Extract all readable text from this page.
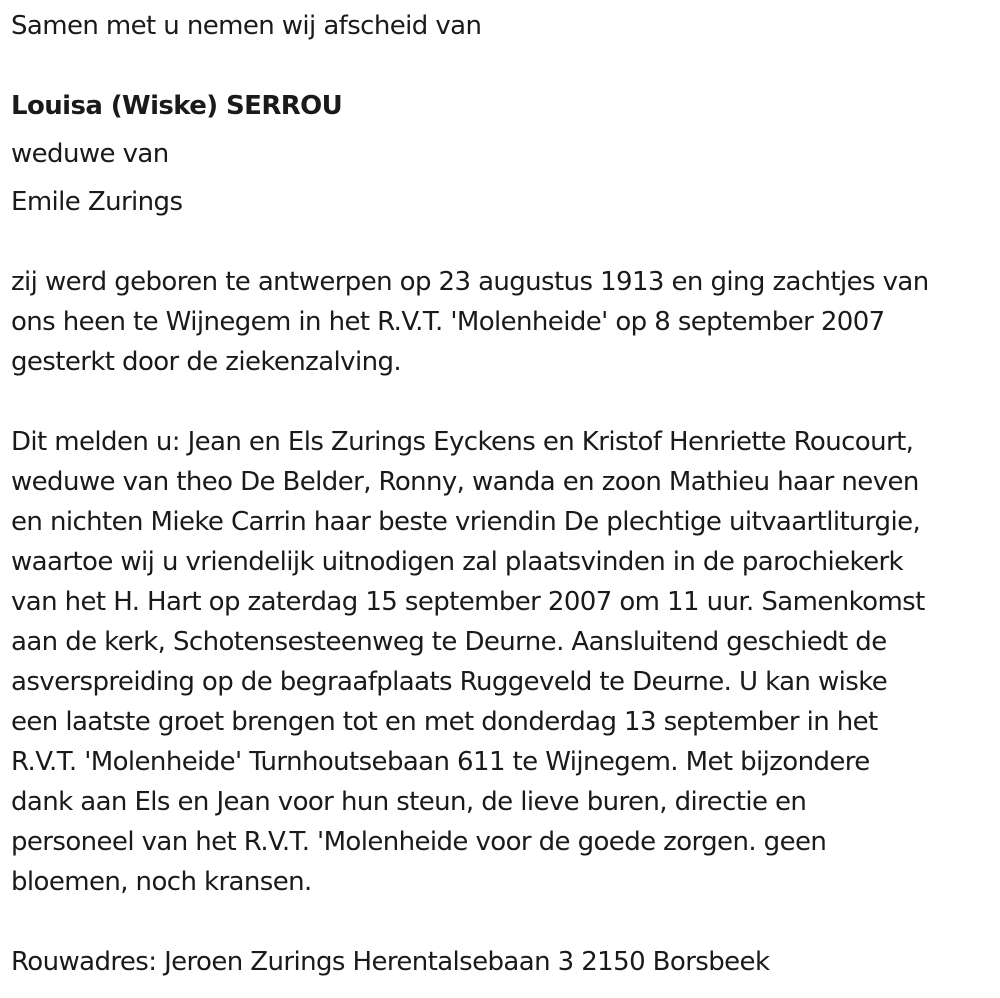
Samen met u nemen wij afscheid van
Louisa (Wiske) SERROU
weduwe van
Emile Zurings
zij werd geboren te antwerpen op 23 augustus 1913 en ging zachtjes van
ons heen te Wijnegem in het R.V.T. 'Molenheide' op 8 september 2007
gesterkt door de ziekenzalving.
Dit melden u: Jean en Els Zurings Eyckens en Kristof Henriette Roucourt,
weduwe van theo De Belder, Ronny, wanda en zoon Mathieu haar neven
en nichten Mieke Carrin haar beste vriendin De plechtige uitvaartliturgie,
waartoe wij u vriendelijk uitnodigen zal plaatsvinden in de parochiekerk
van het H. Hart op zaterdag 15 september 2007 om 11 uur. Samenkomst
aan de kerk, Schotensesteenweg te Deurne. Aansluitend geschiedt de
asverspreiding op de begraafplaats Ruggeveld te Deurne. U kan wiske
een laatste groet brengen tot en met donderdag 13 september in het
R.V.T. 'Molenheide' Turnhoutsebaan 611 te Wijnegem. Met bijzondere
dank aan Els en Jean voor hun steun, de lieve buren, directie en
personeel van het R.V.T. 'Molenheide voor de goede zorgen. geen
bloemen, noch kransen.
Rouwadres: Jeroen Zurings Herentalsebaan 3 2150 Borsbeek
